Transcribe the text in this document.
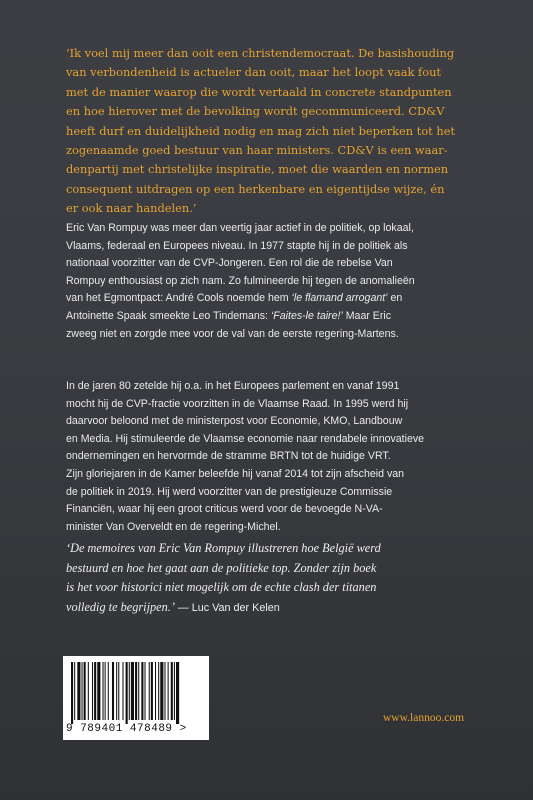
‘Ik voel mij meer dan ooit een christendemocraat. De basishouding
van verbondenheid is actueler dan ooit, maar het loopt vaak fout
met de manier waarop die wordt vertaald in concrete standpunten
en hoe hierover met de bevolking wordt gecommuniceerd. CD&V
heeft durf en duidelijkheid nodig en mag zich niet beperken tot het
zogenaamde goed bestuur van haar ministers. CD&V is een waar-
denpartij met christelijke inspiratie, moet die waarden en normen
consequent uitdragen op een herkenbare en eigentijdse wijze, én
er ook naar handelen.’
Eric Van Rompuy was meer dan veertig jaar actief in de politiek, op lokaal,
Vlaams, federaal en Europees niveau. In 1977 stapte hij in de politiek als
nationaal voorzitter van de CVP-Jongeren. Een rol die de rebelse Van
Rompuy enthousiast op zich nam. Zo fulmineerde hij tegen de anomalieën
van het Egmontpact: André Cools noemde hem ‘le flamand arrogant’ en
Antoinette Spaak smeekte Leo Tindemans: ‘Faites-le taire!’ Maar Eric
zweeg niet en zorgde mee voor de val van de eerste regering-Martens.
In de jaren 80 zetelde hij o.a. in het Europees parlement en vanaf 1991
mocht hij de CVP-fractie voorzitten in de Vlaamse Raad. In 1995 werd hij
daarvoor beloond met de ministerpost voor Economie, KMO, Landbouw
en Media. Hij stimuleerde de Vlaamse economie naar rendabele innovatieve
ondernemingen en hervormde de stramme BRTN tot de huidige VRT.
Zijn gloriejaren in de Kamer beleefde hij vanaf 2014 tot zijn afscheid van
de politiek in 2019. Hij werd voorzitter van de prestigieuze Commissie
Financiën, waar hij een groot criticus werd voor de bevoegde N-VA-
minister Van Overveldt en de regering-Michel.
‘De memoires van Eric Van Rompuy illustreren hoe België werd
bestuurd en hoe het gaat aan de politieke top. Zonder zijn boek
is het voor historici niet mogelijk om de echte clash der titanen
volledig te begrijpen.’ — Luc Van der Kelen
9 789401 478489 >
www.lannoo.com
